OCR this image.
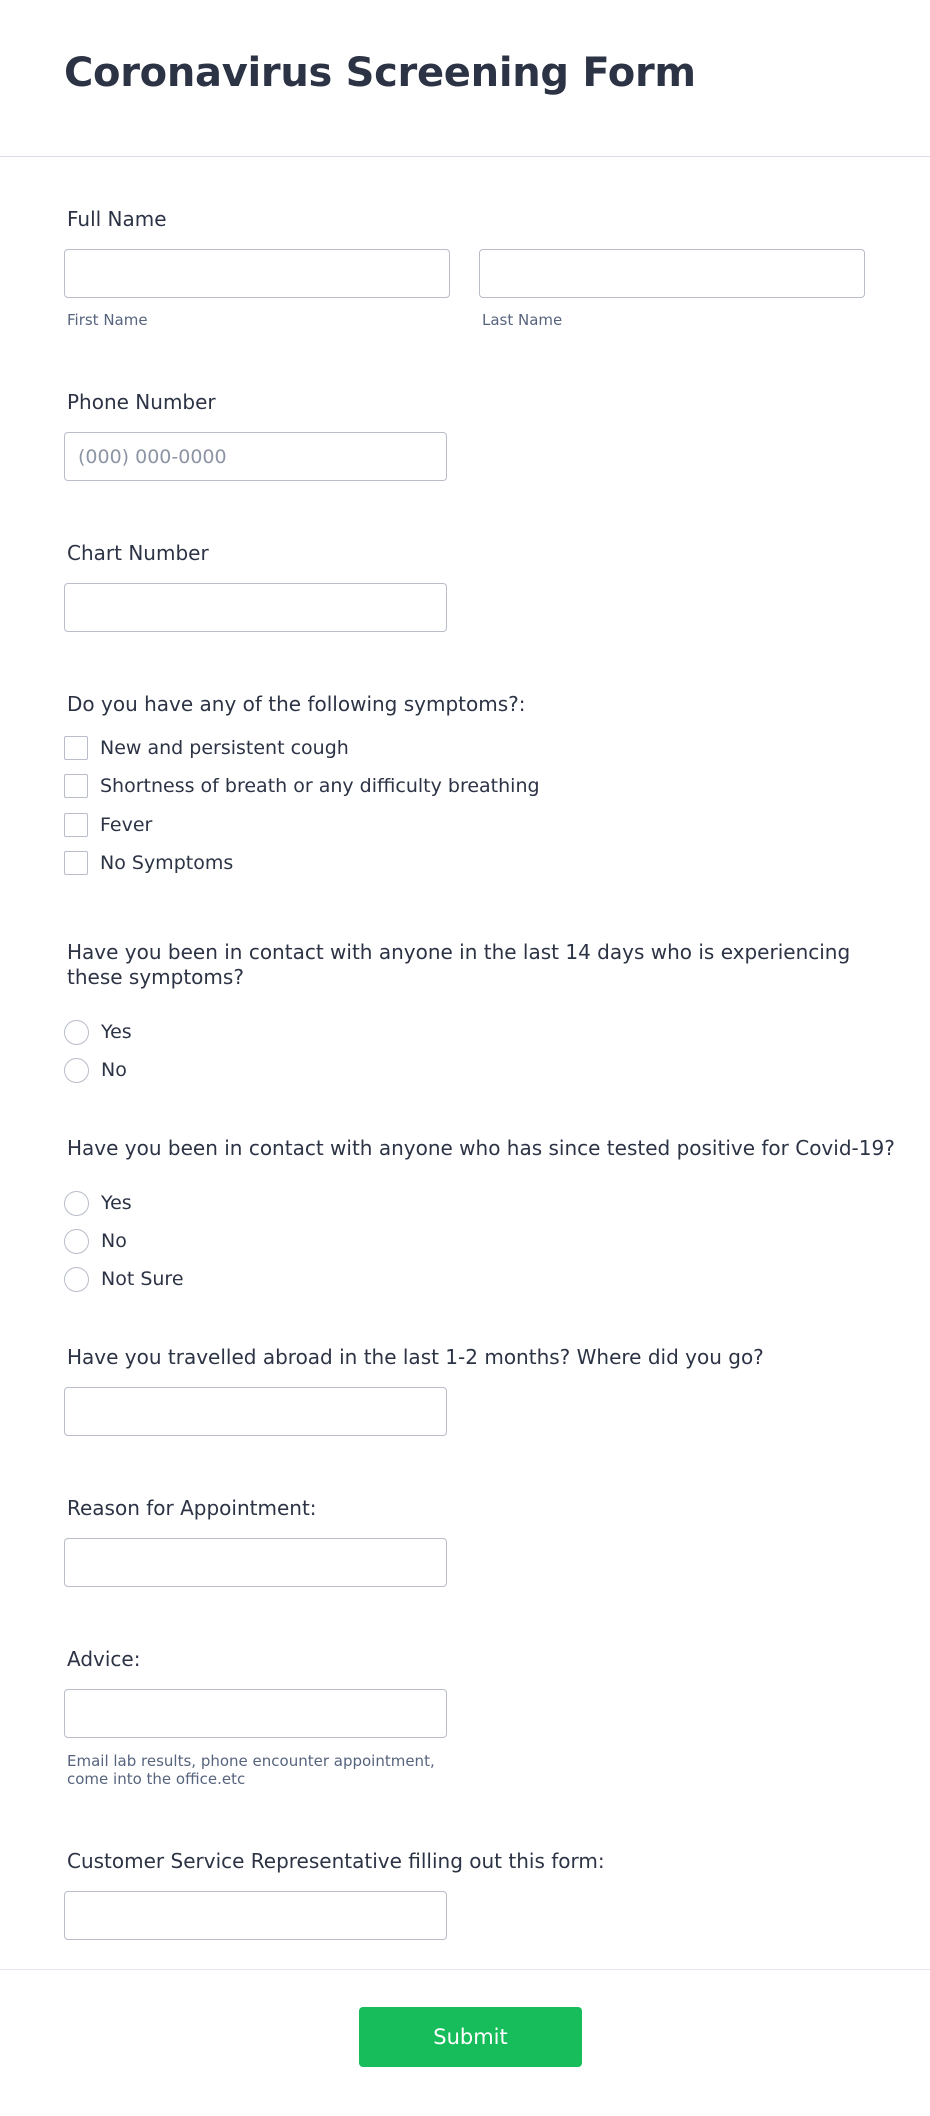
Coronavirus Screening Form
Full Name
First Name	Last Name
Phone Number
(000) 000-0000
Chart Number
Do you have any of the following symptoms?:
New and persistent cough
Shortness of breath or any difficulty breathing
Fever
No Symptoms
Have you been in contact with anyone in the last 14 days who is experiencing these symptoms?
Yes
No
Have you been in contact with anyone who has since tested positive for Covid-19?
Yes
No
Not Sure
Have you travelled abroad in the last 1-2 months? Where did you go?
Reason for Appointment:
Advice:
Email lab results, phone encounter appointment, come into the office.etc
Customer Service Representative filling out this form:
Submit
